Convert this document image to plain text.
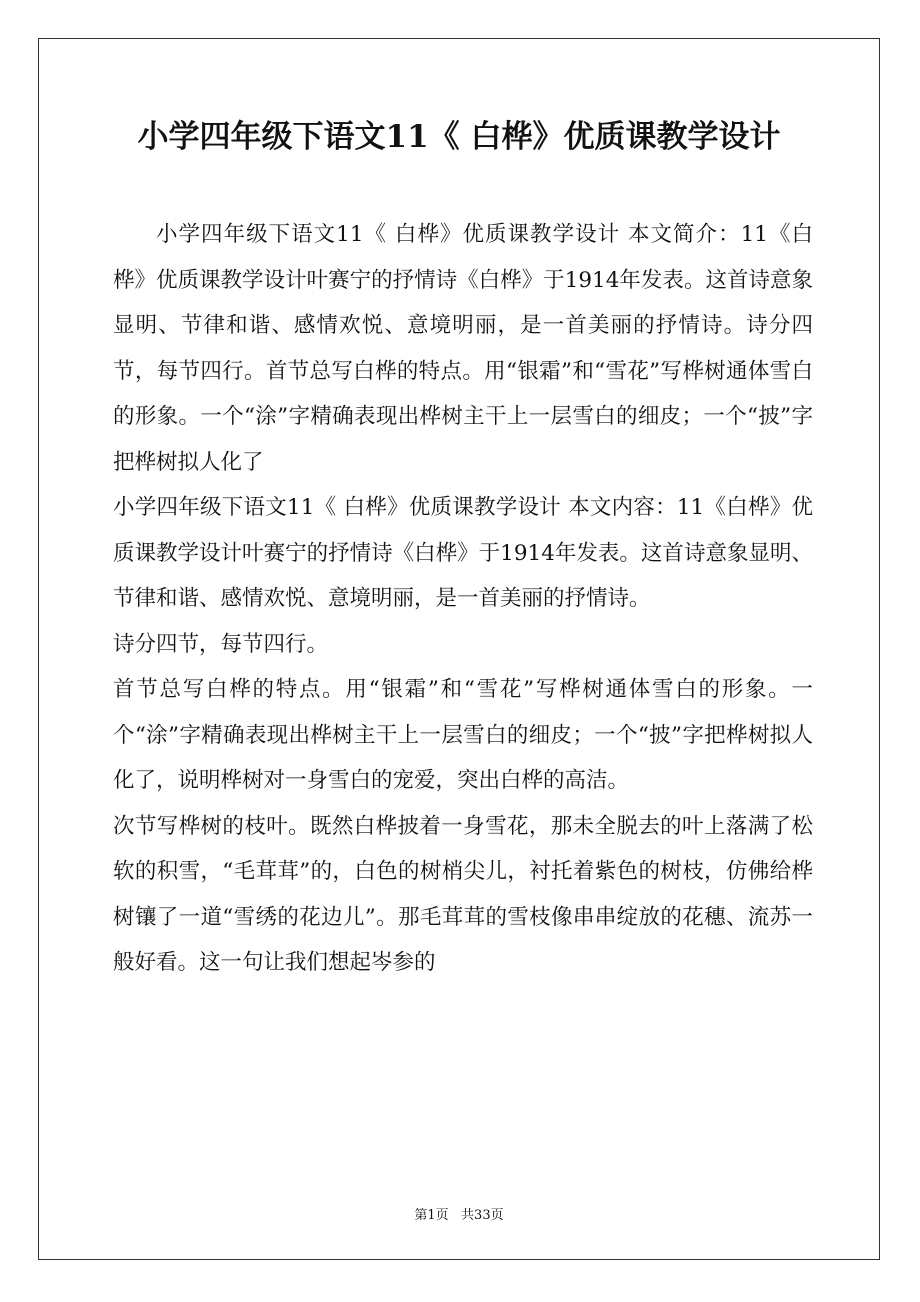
小学四年级下语文11《 白桦》优质课教学设计

小学四年级下语文11《 白桦》优质课教学设计 本文简介：11《白桦》优质课教学设计叶赛宁的抒情诗《白桦》于1914年发表。这首诗意象显明、节律和谐、感情欢悦、意境明丽，是一首美丽的抒情诗。诗分四节，每节四行。首节总写白桦的特点。用“银霜”和“雪花”写桦树通体雪白的形象。一个“涂”字精确表现出桦树主干上一层雪白的细皮；一个“披”字把桦树拟人化了

小学四年级下语文11《 白桦》优质课教学设计 本文内容：11《白桦》优质课教学设计叶赛宁的抒情诗《白桦》于1914年发表。这首诗意象显明、节律和谐、感情欢悦、意境明丽，是一首美丽的抒情诗。

诗分四节，每节四行。

首节总写白桦的特点。用“银霜”和“雪花”写桦树通体雪白的形象。一个“涂”字精确表现出桦树主干上一层雪白的细皮；一个“披”字把桦树拟人化了，说明桦树对一身雪白的宠爱，突出白桦的高洁。

次节写桦树的枝叶。既然白桦披着一身雪花，那未全脱去的叶上落满了松软的积雪，“毛茸茸”的，白色的树梢尖儿，衬托着紫色的树枝，仿佛给桦树镶了一道“雪绣的花边儿”。那毛茸茸的雪枝像串串绽放的花穗、流苏一般好看。这一句让我们想起岑参的

第1页   共33页
